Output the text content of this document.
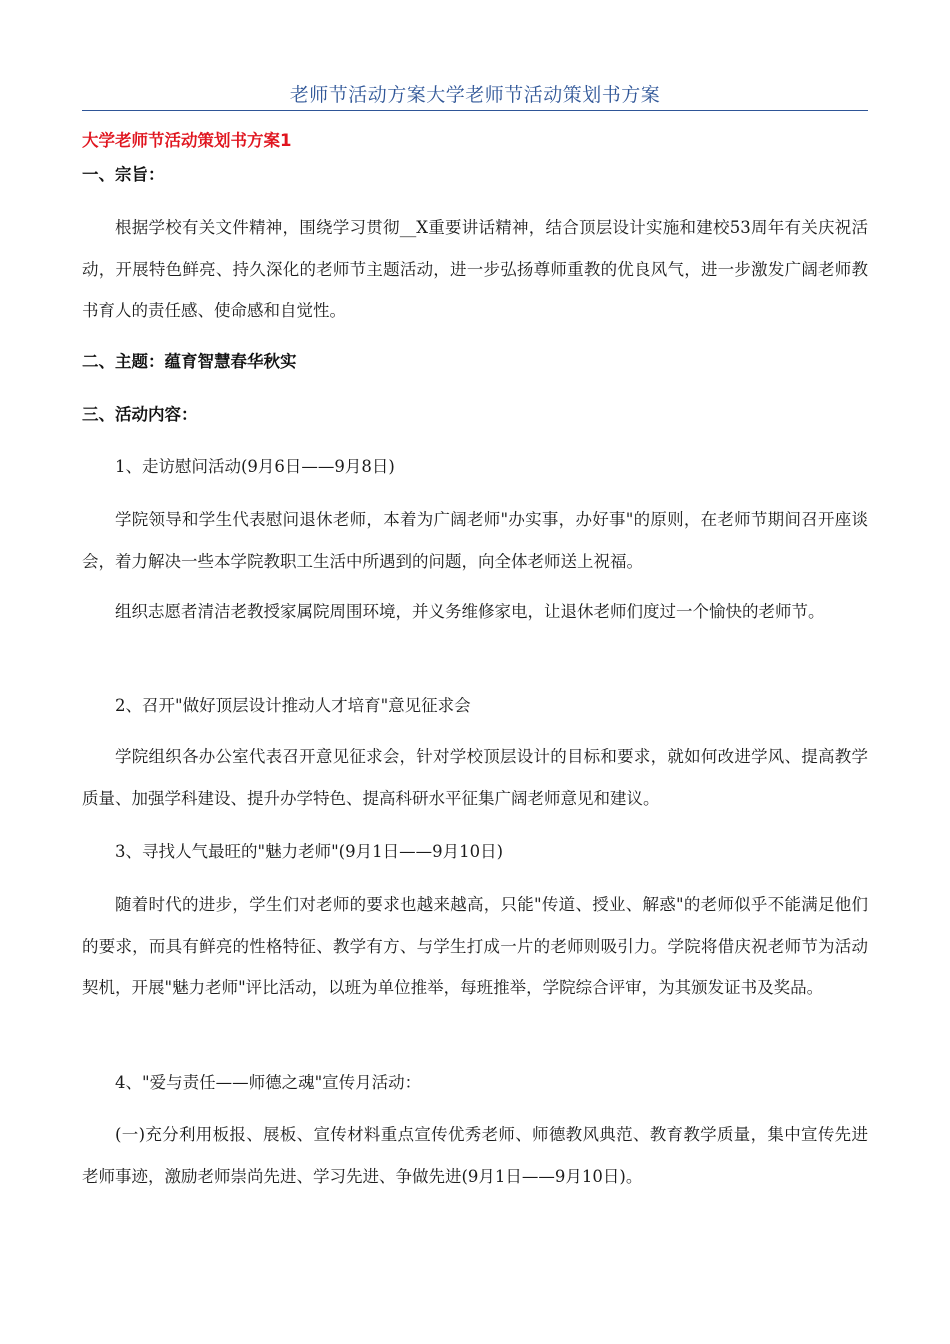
老师节活动方案大学老师节活动策划书方案
大学老师节活动策划书方案1
一、宗旨：

根据学校有关文件精神，围绕学习贯彻__X重要讲话精神，结合顶层设计实施和建校53周年有关庆祝活动，开展特色鲜亮、持久深化的老师节主题活动，进一步弘扬尊师重教的优良风气，进一步激发广阔老师教书育人的责任感、使命感和自觉性。

二、主题：蕴育智慧春华秋实
三、活动内容：

1、走访慰问活动(9月6日——9月8日)

学院领导和学生代表慰问退休老师，本着为广阔老师"办实事，办好事"的原则，在老师节期间召开座谈会，着力解决一些本学院教职工生活中所遇到的问题，向全体老师送上祝福。

组织志愿者清洁老教授家属院周围环境，并义务维修家电，让退休老师们度过一个愉快的老师节。

2、召开"做好顶层设计推动人才培育"意见征求会

学院组织各办公室代表召开意见征求会，针对学校顶层设计的目标和要求，就如何改进学风、提高教学质量、加强学科建设、提升办学特色、提高科研水平征集广阔老师意见和建议。

3、寻找人气最旺的"魅力老师"(9月1日——9月10日)

随着时代的进步，学生们对老师的要求也越来越高，只能"传道、授业、解惑"的老师似乎不能满足他们的要求，而具有鲜亮的性格特征、教学有方、与学生打成一片的老师则吸引力。学院将借庆祝老师节为活动契机，开展"魅力老师"评比活动，以班为单位推举，每班推举，学院综合评审，为其颁发证书及奖品。

4、"爱与责任——师德之魂"宣传月活动：

(一)充分利用板报、展板、宣传材料重点宣传优秀老师、师德教风典范、教育教学质量，集中宣传先进老师事迹，激励老师崇尚先进、学习先进、争做先进(9月1日——9月10日)。
